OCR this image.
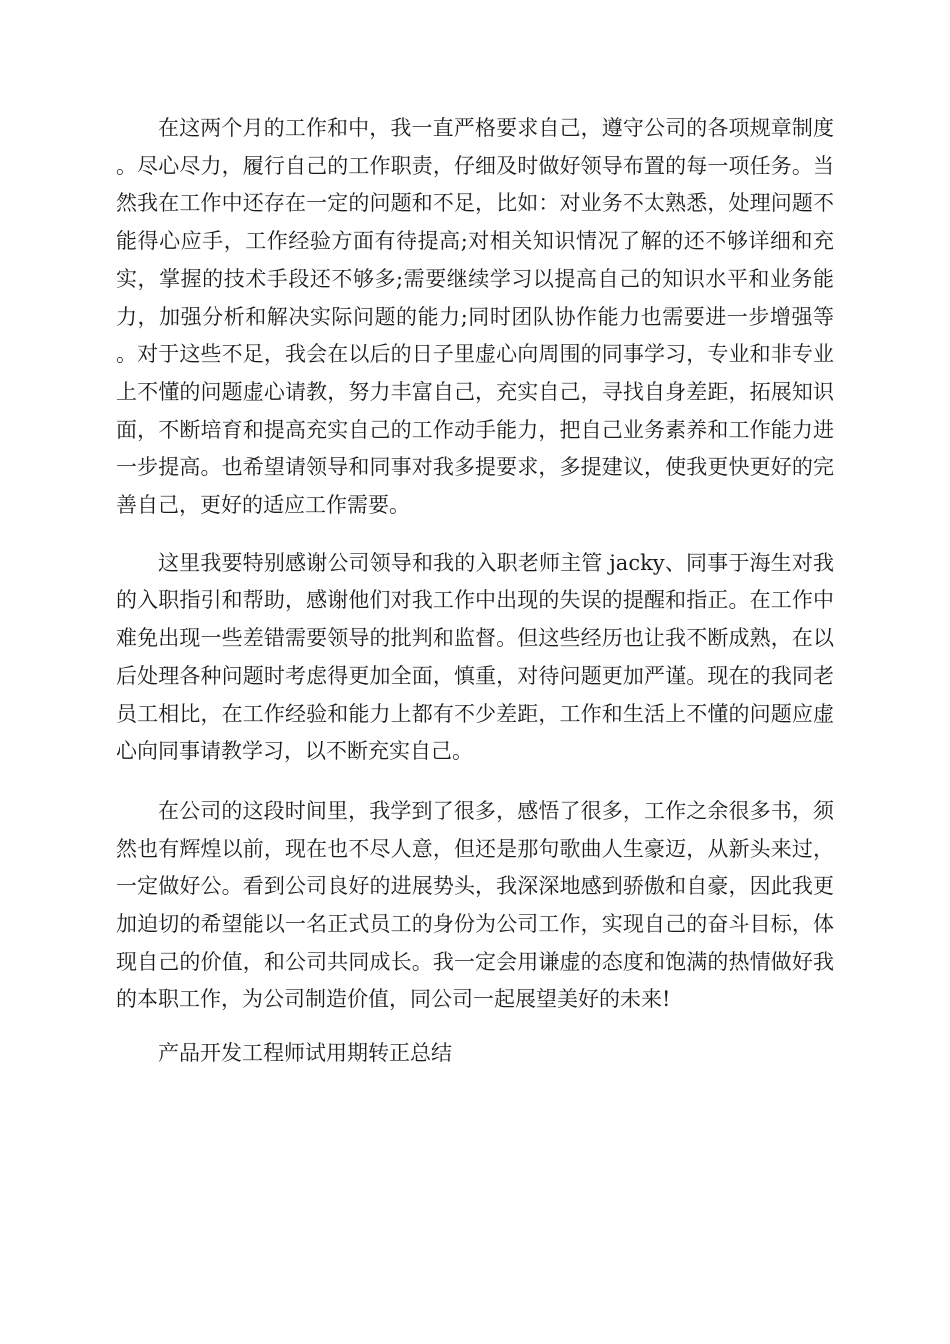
在这两个月的工作和中，我一直严格要求自己，遵守公司的各项规章制度。尽心尽力，履行自己的工作职责，仔细及时做好领导布置的每一项任务。当然我在工作中还存在一定的问题和不足，比如：对业务不太熟悉，处理问题不能得心应手，工作经验方面有待提高;对相关知识情况了解的还不够详细和充实，掌握的技术手段还不够多;需要继续学习以提高自己的知识水平和业务能力，加强分析和解决实际问题的能力;同时团队协作能力也需要进一步增强等。对于这些不足，我会在以后的日子里虚心向周围的同事学习，专业和非专业上不懂的问题虚心请教，努力丰富自己，充实自己，寻找自身差距，拓展知识面，不断培育和提高充实自己的工作动手能力，把自己业务素养和工作能力进一步提高。也希望请领导和同事对我多提要求，多提建议，使我更快更好的完善自己，更好的适应工作需要。

这里我要特别感谢公司领导和我的入职老师主管 jacky、同事于海生对我的入职指引和帮助，感谢他们对我工作中出现的失误的提醒和指正。在工作中难免出现一些差错需要领导的批判和监督。但这些经历也让我不断成熟，在以后处理各种问题时考虑得更加全面，慎重，对待问题更加严谨。现在的我同老员工相比，在工作经验和能力上都有不少差距，工作和生活上不懂的问题应虚心向同事请教学习，以不断充实自己。

在公司的这段时间里，我学到了很多，感悟了很多，工作之余很多书，须然也有辉煌以前，现在也不尽人意，但还是那句歌曲人生豪迈，从新头来过，一定做好公。看到公司良好的进展势头，我深深地感到骄傲和自豪，因此我更加迫切的希望能以一名正式员工的身份为公司工作，实现自己的奋斗目标，体现自己的价值，和公司共同成长。我一定会用谦虚的态度和饱满的热情做好我的本职工作，为公司制造价值，同公司一起展望美好的未来!

产品开发工程师试用期转正总结
